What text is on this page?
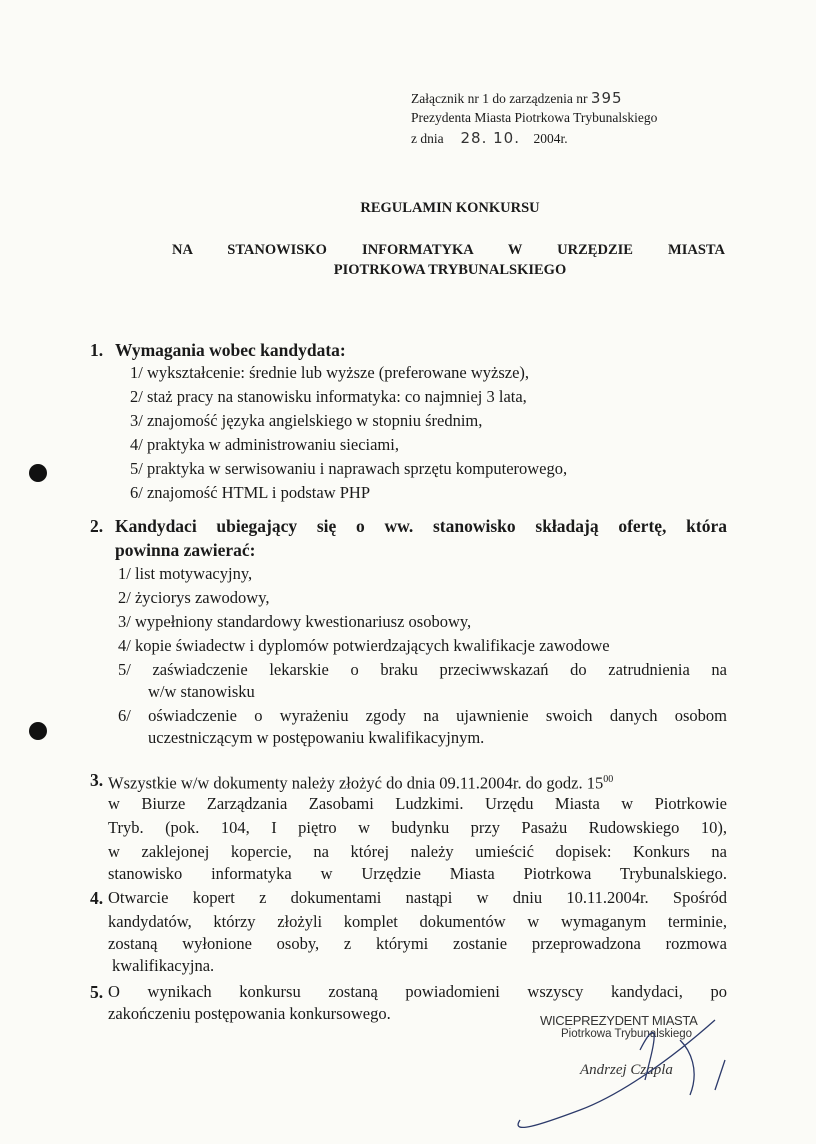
Załącznik nr 1 do zarządzenia nr 395
Prezydenta Miasta Piotrkowa Trybunalskiego
z dnia 28. 10. 2004r.
REGULAMIN KONKURSU
NA STANOWISKO INFORMATYKA W URZĘDZIE MIASTA
PIOTRKOWA TRYBUNALSKIEGO
1. Wymagania wobec kandydata:
1/ wykształcenie: średnie lub wyższe (preferowane wyższe),
2/ staż pracy na stanowisku informatyka: co najmniej 3 lata,
3/ znajomość języka angielskiego w stopniu średnim,
4/ praktyka w administrowaniu sieciami,
5/ praktyka w serwisowaniu i naprawach sprzętu komputerowego,
6/ znajomość HTML i podstaw PHP
2. Kandydaci ubiegający się o ww. stanowisko składają ofertę, która
powinna zawierać:
1/ list motywacyjny,
2/ życiorys zawodowy,
3/ wypełniony standardowy kwestionariusz osobowy,
4/ kopie świadectw i dyplomów potwierdzających kwalifikacje zawodowe
5/ zaświadczenie lekarskie o braku przeciwwskazań do zatrudnienia na
w/w stanowisku
6/ oświadczenie o wyrażeniu zgody na ujawnienie swoich danych osobom
uczestniczącym w postępowaniu kwalifikacyjnym.
3. Wszystkie w/w dokumenty należy złożyć do dnia 09.11.2004r. do godz. $15^{00}$
w Biurze Zarządzania Zasobami Ludzkimi. Urzędu Miasta w Piotrkowie
Tryb. (pok. 104, I piętro w budynku przy Pasażu Rudowskiego 10),
w zaklejonej kopercie, na której należy umieścić dopisek: Konkurs na
stanowisko informatyka w Urzędzie Miasta Piotrkowa Trybunalskiego.
4. Otwarcie kopert z dokumentami nastąpi w dniu 10.11.2004r. Spośród
kandydatów, którzy złożyli komplet dokumentów w wymaganym terminie,
zostaną wyłonione osoby, z którymi zostanie przeprowadzona rozmowa
kwalifikacyjna.
5. O wynikach konkursu zostaną powiadomieni wszyscy kandydaci, po
zakończeniu postępowania konkursowego.	WICEPREZYDENT MIASTA
Piotrkowa Trybunalskiego
Andrzej Czapla
